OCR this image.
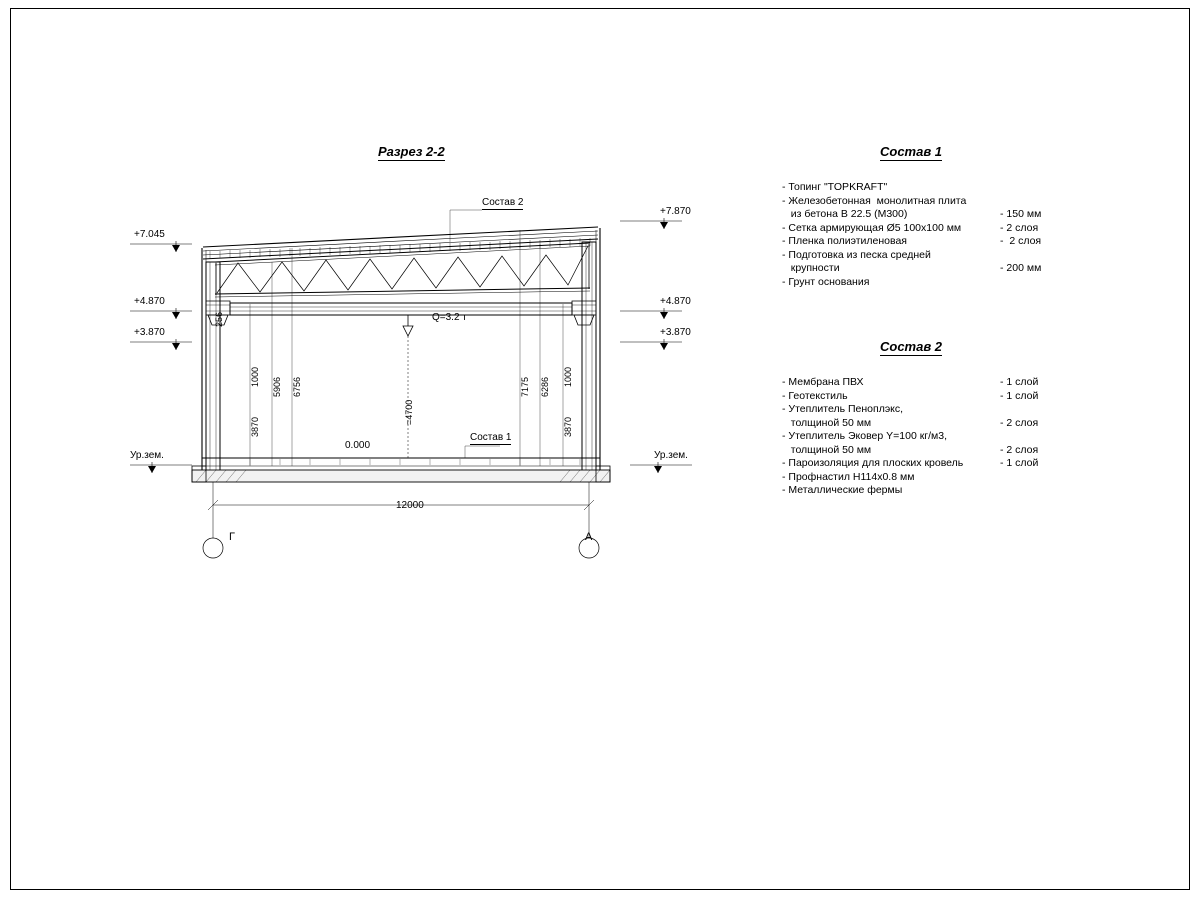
Разрез 2-2
Г	А
12000
Состав 2
Состав 1
Q=3.2 т
0.000
=4700
+7.045
+4.870
+3.870
Ур.зем.
+7.870
+4.870
+3.870
Ур.зем.
256
1000	5906	6756
3870
7175	6286	1000
3870
Состав 1
- Топинг "TOPKRAFT"
- Железобетонная  монолитная плита
из бетона В 22.5 (М300)	- 150 мм
- Сетка армирующая Ø5 100х100 мм	- 2 слоя
- Пленка полиэтиленовая	-  2 слоя
- Подготовка из песка средней
крупности	- 200 мм
- Грунт основания
Состав 2
- Мембрана ПВХ	- 1 слой
- Геотекстиль	- 1 слой
- Утеплитель Пеноплэкс,
толщиной 50 мм	- 2 слоя
- Утеплитель Эковер Y=100 кг/м3,
толщиной 50 мм	- 2 слоя
- Пароизоляция для плоских кровель	- 1 слой
- Профнастил Н114х0.8 мм
- Металлические фермы
